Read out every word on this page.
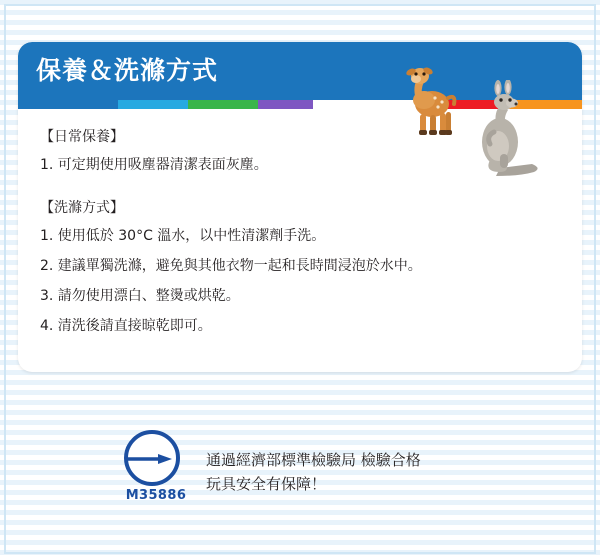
保養＆洗滌方式
【日常保養】
1. 可定期使用吸塵器清潔表面灰塵。
【洗滌方式】
1. 使用低於 30°C 溫水，以中性清潔劑手洗。
2. 建議單獨洗滌，避免與其他衣物一起和長時間浸泡於水中。
3. 請勿使用漂白、整燙或烘乾。
4. 清洗後請直接晾乾即可。
M35886
通過經濟部標準檢驗局 檢驗合格
玩具安全有保障！
